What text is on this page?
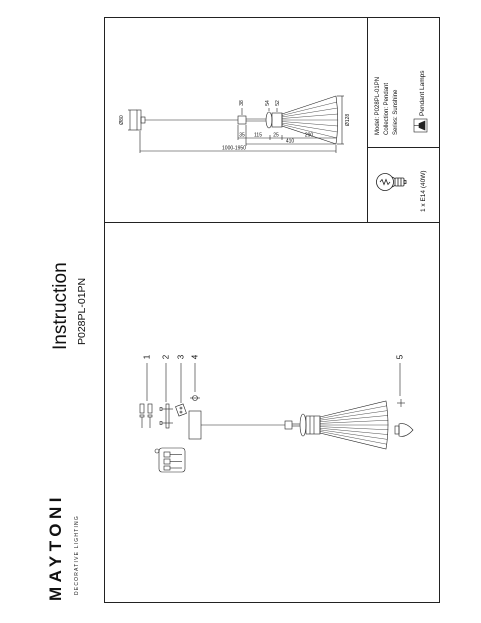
Ø80
38	54 52
Ø128
35 115 25	290
410
1000-1950
1 2 3 4	5
MAYTONI DECORATIVE LIGHTING
Instruction P028PL-01PN
Model: P028PL-01PN Collection: Pendant Series: Sunshine	Pendant Lamps
1 x E14 (40W)
